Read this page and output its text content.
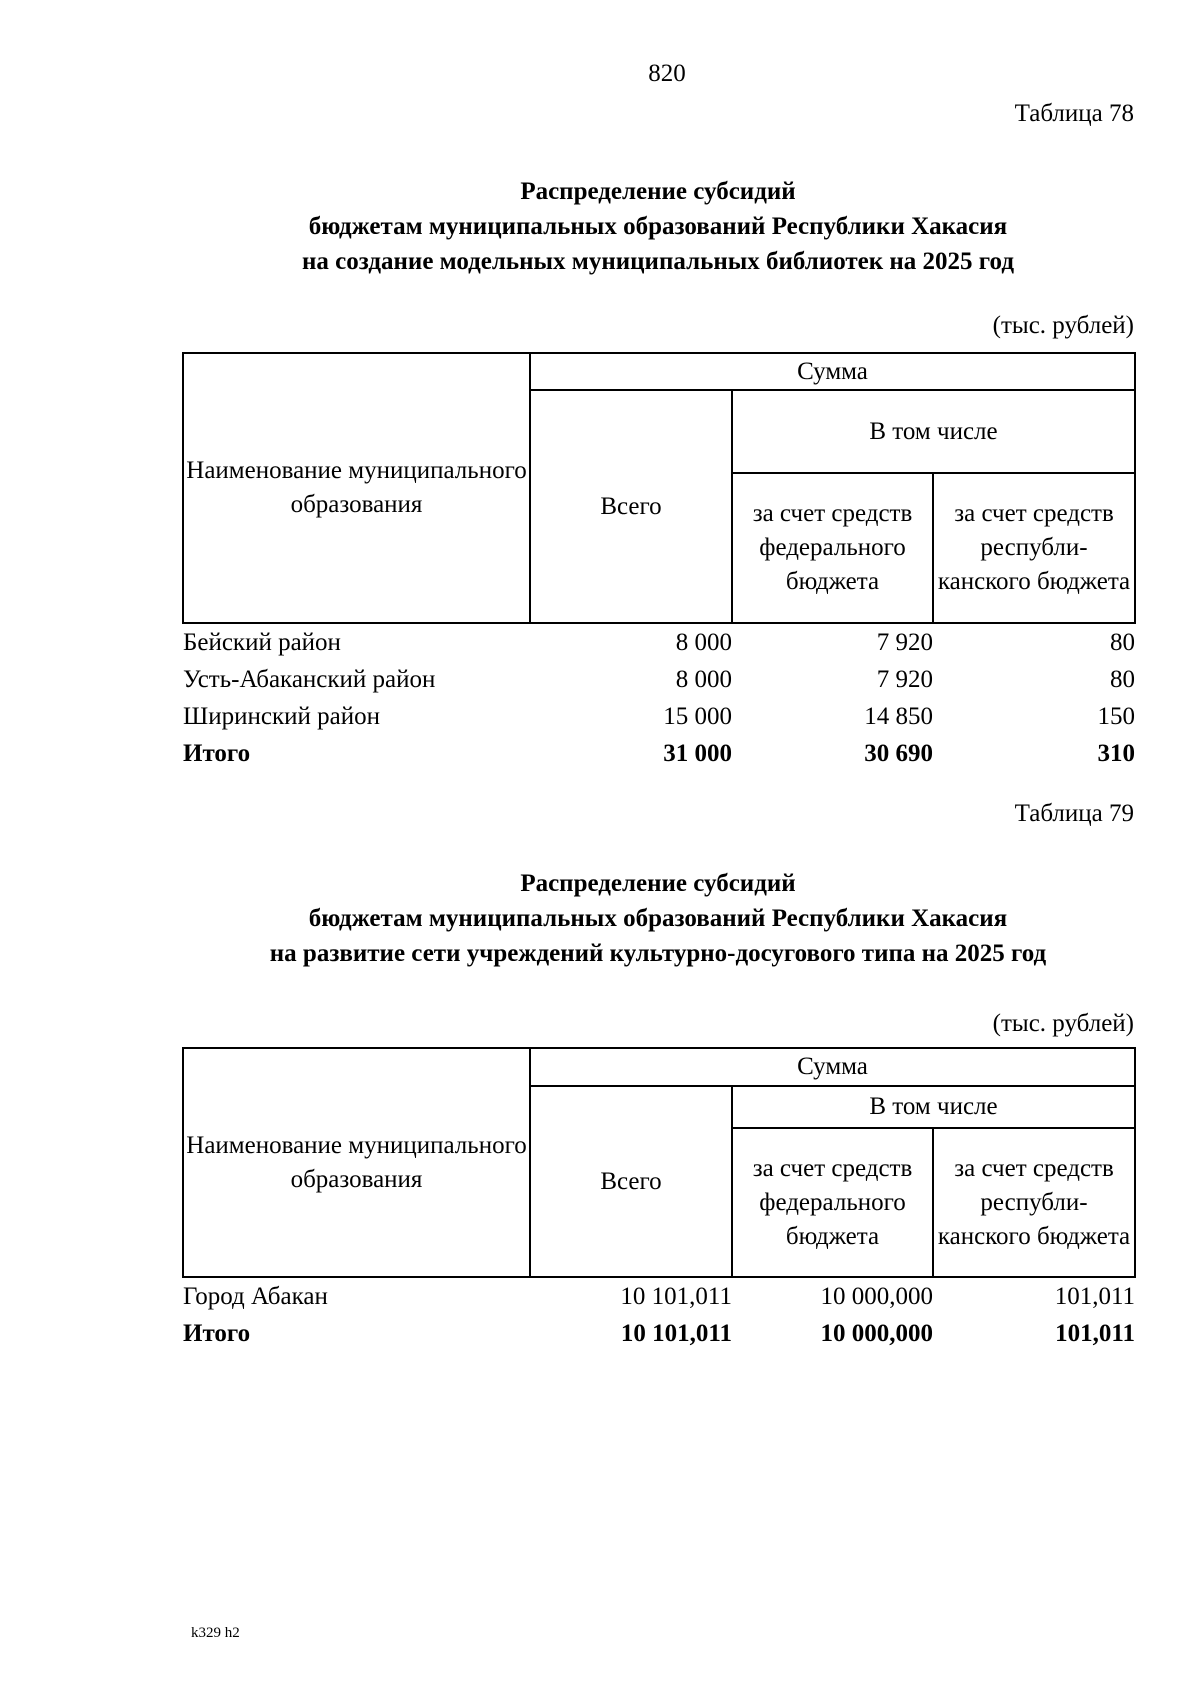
820
Таблица 78
Распределение субсидий
бюджетам муниципальных образований Республики Хакасия
на создание модельных муниципальных библиотек на 2025 год
(тыс. рублей)
Наименование муниципального образования	Сумма		
	Всего	В том числе	
		за счет средств федерального бюджета	за счет средств республи-канского бюджета
Бейский район	8 000	7 920	80
Усть-Абаканский район	8 000	7 920	80
Ширинский район	15 000	14 850	150
Итого	31 000	30 690	310
Таблица 79
Распределение субсидий
бюджетам муниципальных образований Республики Хакасия
на развитие сети учреждений культурно-досугового типа на 2025 год
(тыс. рублей)
Наименование муниципального образования	Сумма		
	Всего	В том числе	
		за счет средств федерального бюджета	за счет средств республи-канского бюджета
Город Абакан	10 101,011	10 000,000	101,011
Итого	10 101,011	10 000,000	101,011
k329 h2
